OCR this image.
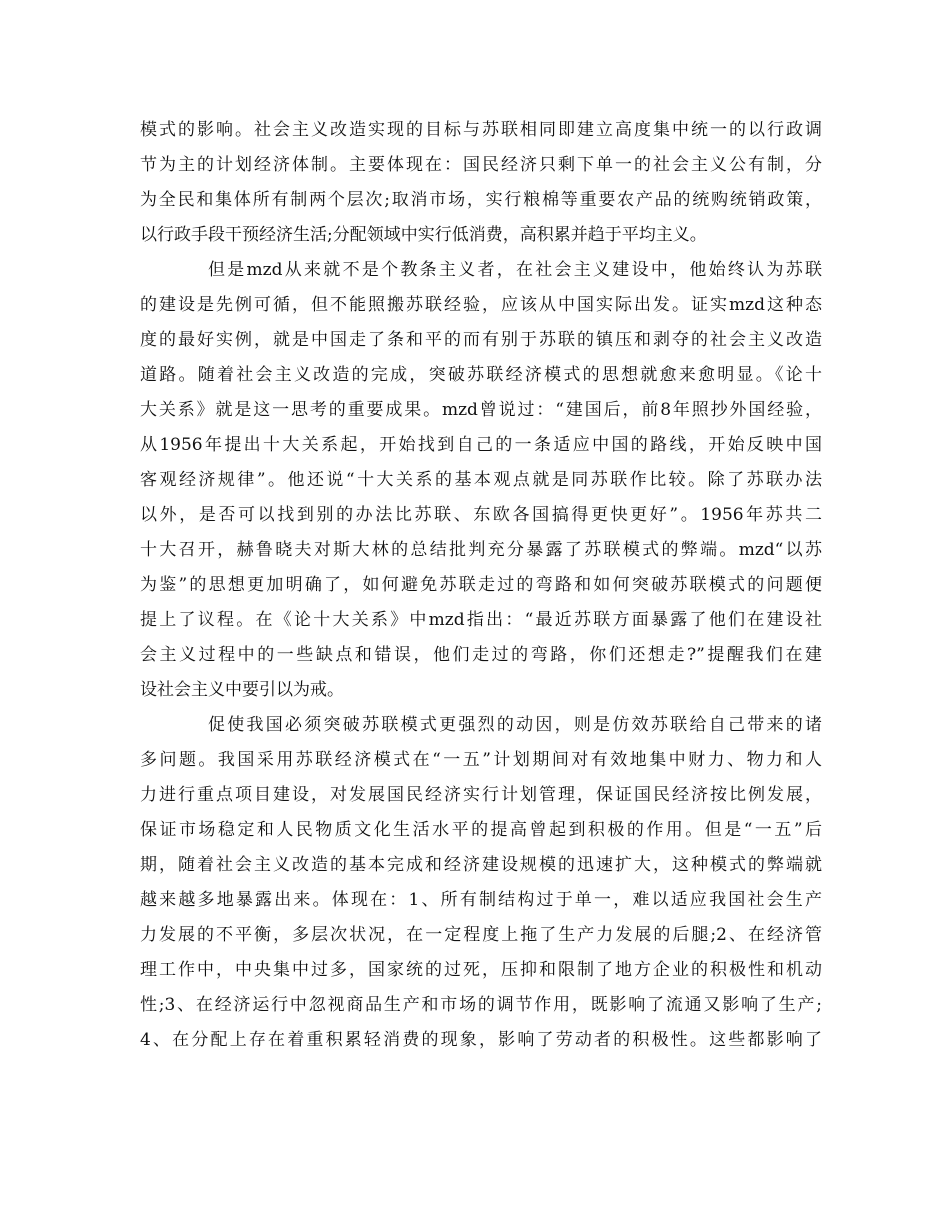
模式的影响。社会主义改造实现的目标与苏联相同即建立高度集中统一的以行政调
节为主的计划经济体制。主要体现在：国民经济只剩下单一的社会主义公有制，分
为全民和集体所有制两个层次;取消市场，实行粮棉等重要农产品的统购统销政策，
以行政手段干预经济生活;分配领域中实行低消费，高积累并趋于平均主义。
但是mzd从来就不是个教条主义者，在社会主义建设中，他始终认为苏联
的建设是先例可循，但不能照搬苏联经验，应该从中国实际出发。证实mzd这种态
度的最好实例，就是中国走了条和平的而有别于苏联的镇压和剥夺的社会主义改造
道路。随着社会主义改造的完成，突破苏联经济模式的思想就愈来愈明显。《论十
大关系》就是这一思考的重要成果。mzd曾说过：“建国后，前8年照抄外国经验，
从1956年提出十大关系起，开始找到自己的一条适应中国的路线，开始反映中国
客观经济规律”。他还说“十大关系的基本观点就是同苏联作比较。除了苏联办法
以外，是否可以找到别的办法比苏联、东欧各国搞得更快更好”。1956年苏共二
十大召开，赫鲁晓夫对斯大林的总结批判充分暴露了苏联模式的弊端。mzd“以苏
为鉴”的思想更加明确了，如何避免苏联走过的弯路和如何突破苏联模式的问题便
提上了议程。在《论十大关系》中mzd指出：“最近苏联方面暴露了他们在建设社
会主义过程中的一些缺点和错误，他们走过的弯路，你们还想走?”提醒我们在建
设社会主义中要引以为戒。
促使我国必须突破苏联模式更强烈的动因，则是仿效苏联给自己带来的诸
多问题。我国采用苏联经济模式在“一五”计划期间对有效地集中财力、物力和人
力进行重点项目建设，对发展国民经济实行计划管理，保证国民经济按比例发展，
保证市场稳定和人民物质文化生活水平的提高曾起到积极的作用。但是“一五”后
期，随着社会主义改造的基本完成和经济建设规模的迅速扩大，这种模式的弊端就
越来越多地暴露出来。体现在：1、所有制结构过于单一，难以适应我国社会生产
力发展的不平衡，多层次状况，在一定程度上拖了生产力发展的后腿;2、在经济管
理工作中，中央集中过多，国家统的过死，压抑和限制了地方企业的积极性和机动
性;3、在经济运行中忽视商品生产和市场的调节作用，既影响了流通又影响了生产;
4、在分配上存在着重积累轻消费的现象，影响了劳动者的积极性。这些都影响了
